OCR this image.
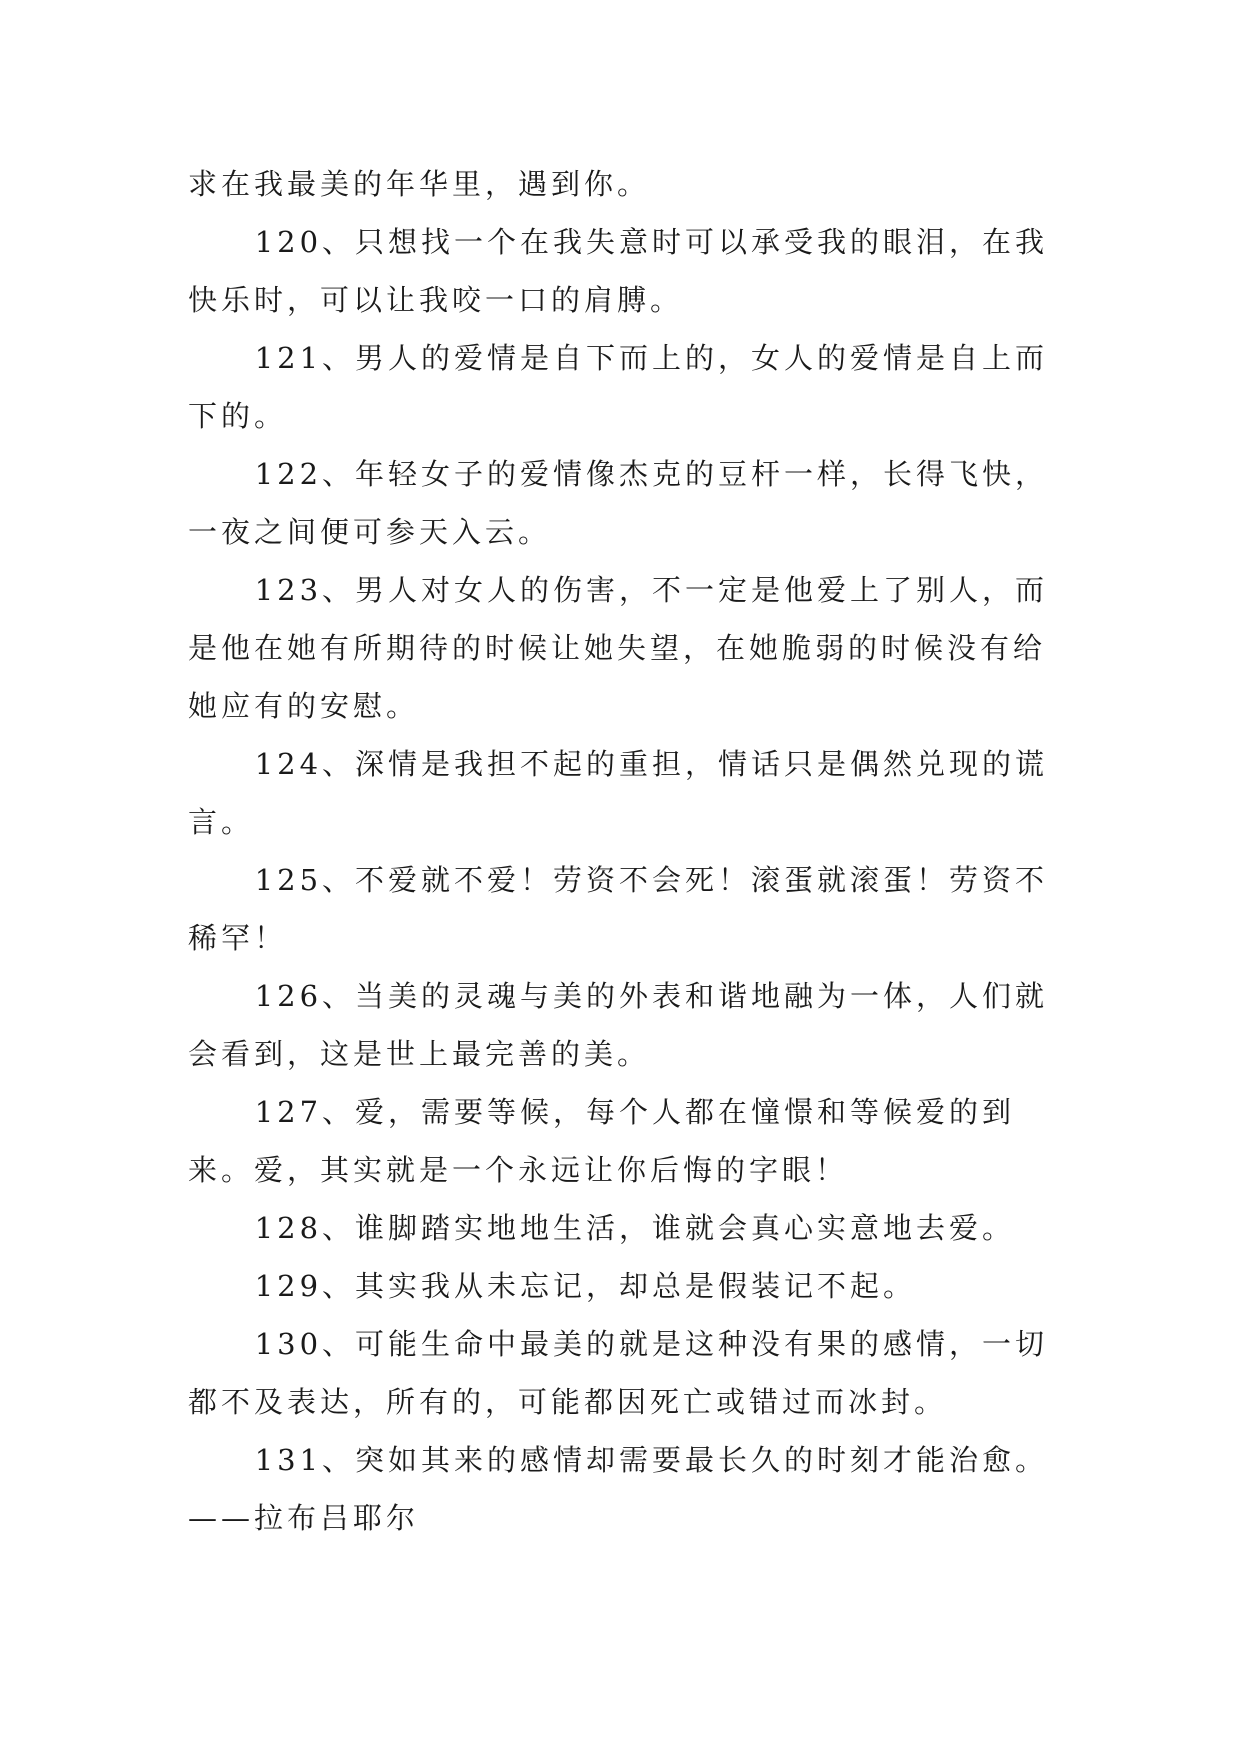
求在我最美的年华里，遇到你。

120、只想找一个在我失意时可以承受我的眼泪，在我快乐时，可以让我咬一口的肩膊。

121、男人的爱情是自下而上的，女人的爱情是自上而下的。

122、年轻女子的爱情像杰克的豆杆一样，长得飞快，一夜之间便可参天入云。

123、男人对女人的伤害，不一定是他爱上了别人，而是他在她有所期待的时候让她失望，在她脆弱的时候没有给她应有的安慰。

124、深情是我担不起的重担，情话只是偶然兑现的谎言。

125、不爱就不爱！劳资不会死！滚蛋就滚蛋！劳资不稀罕！

126、当美的灵魂与美的外表和谐地融为一体，人们就会看到，这是世上最完善的美。

127、爱，需要等候，每个人都在憧憬和等候爱的到来。爱，其实就是一个永远让你后悔的字眼！

128、谁脚踏实地地生活，谁就会真心实意地去爱。

129、其实我从未忘记，却总是假装记不起。

130、可能生命中最美的就是这种没有果的感情，一切都不及表达，所有的，可能都因死亡或错过而冰封。

131、突如其来的感情却需要最长久的时刻才能治愈。——拉布吕耶尔
